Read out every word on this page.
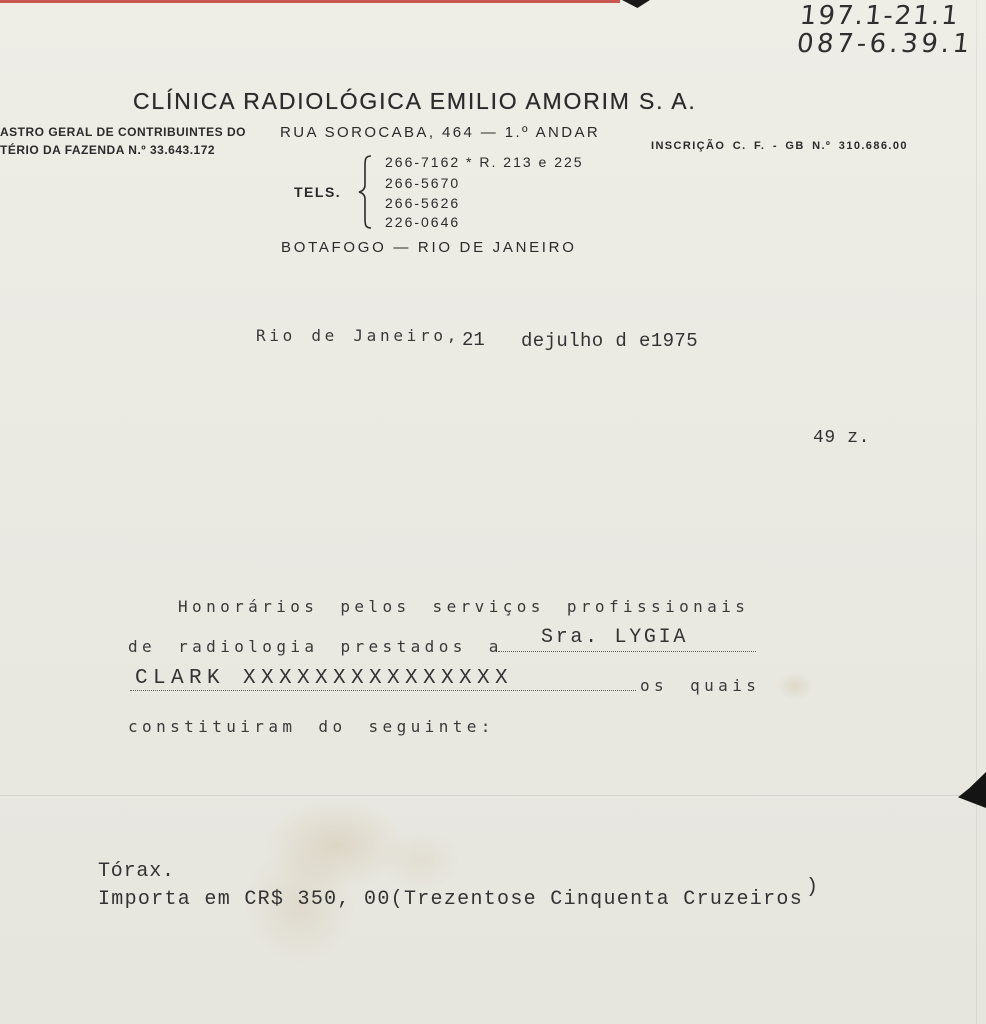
197.1-21.1
087-6.39.1
CLÍNICA RADIOLÓGICA EMILIO AMORIM S. A.
ASTRO GERAL DE CONTRIBUINTES DO
TÉRIO DA FAZENDA N.º 33.643.172
RUA SOROCABA, 464 — 1.º ANDAR
INSCRIÇÃO C. F. - GB N.º 310.686.00
TELS.
266-7162 * R. 213 e 225
266-5670
266-5626
226-0646
BOTAFOGO — RIO DE JANEIRO
Rio de Janeiro, 21 dejulho d e1975
49 z.
Honorários pelos serviços profissionais
de radiologia prestados a Sra. LYGIA
CLARK XXXXXXXXXXXXXXX	os quais
constituiram do seguinte:
Tórax.
Importa em CR$ 350, 00(Trezentose Cinquenta Cruzeiros
)
